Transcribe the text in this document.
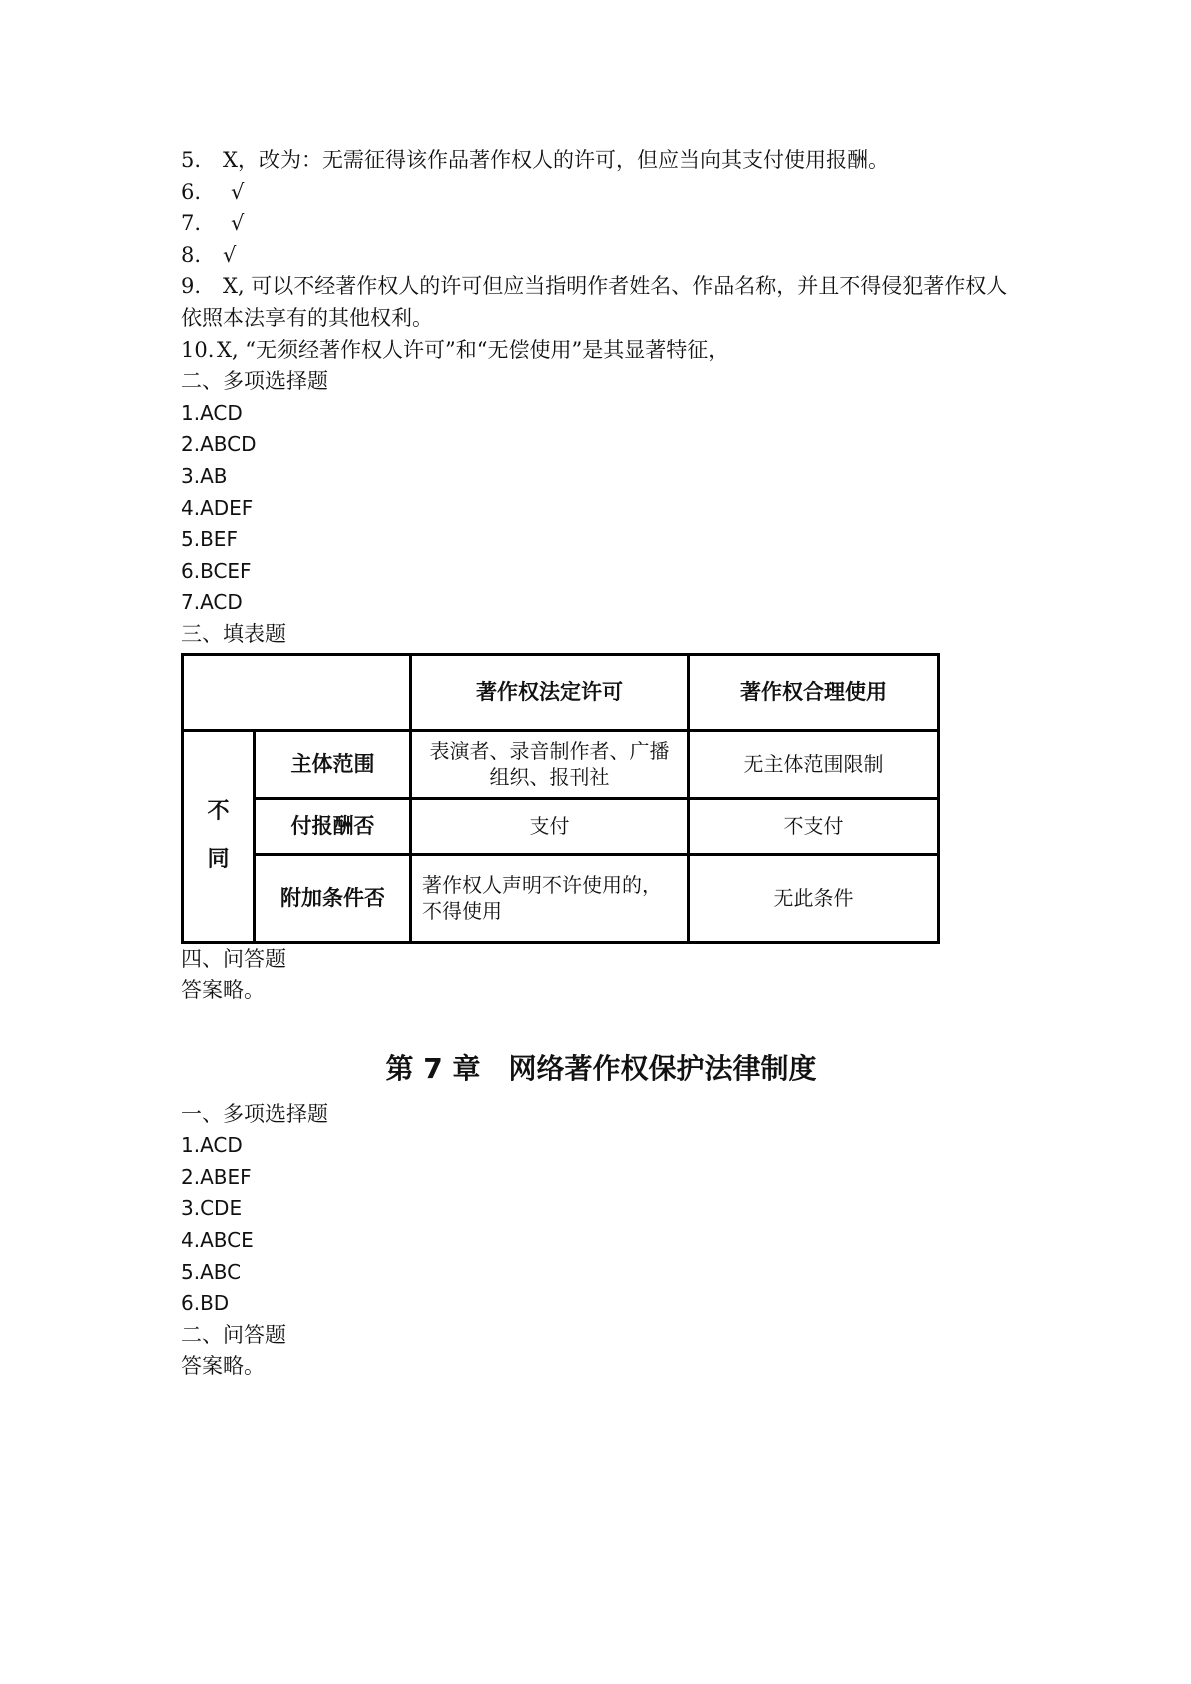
5. X，改为：无需征得该作品著作权人的许可，但应当向其支付使用报酬。
6. √
7. √
8. √
9. X, 可以不经著作权人的许可但应当指明作者姓名、作品名称，并且不得侵犯著作权人依照本法享有的其他权利。
10. X, “无须经著作权人许可”和“无偿使用”是其显著特征，
二、多项选择题
1.ACD
2.ABCD
3.AB
4.ADEF
5.BEF
6.BCEF
7.ACD
三、填表题
		著作权法定许可	著作权合理使用

不
同	主体范围	表演者、录音制作者、广播组织、报刊社	无主体范围限制
	付报酬否	支付	不支付
	附加条件否	著作权人声明不许使用的，不得使用	无此条件
四、问答题
答案略。
第 7 章　网络著作权保护法律制度
一、多项选择题
1.ACD
2.ABEF
3.CDE
4.ABCE
5.ABC
6.BD
二、问答题
答案略。
